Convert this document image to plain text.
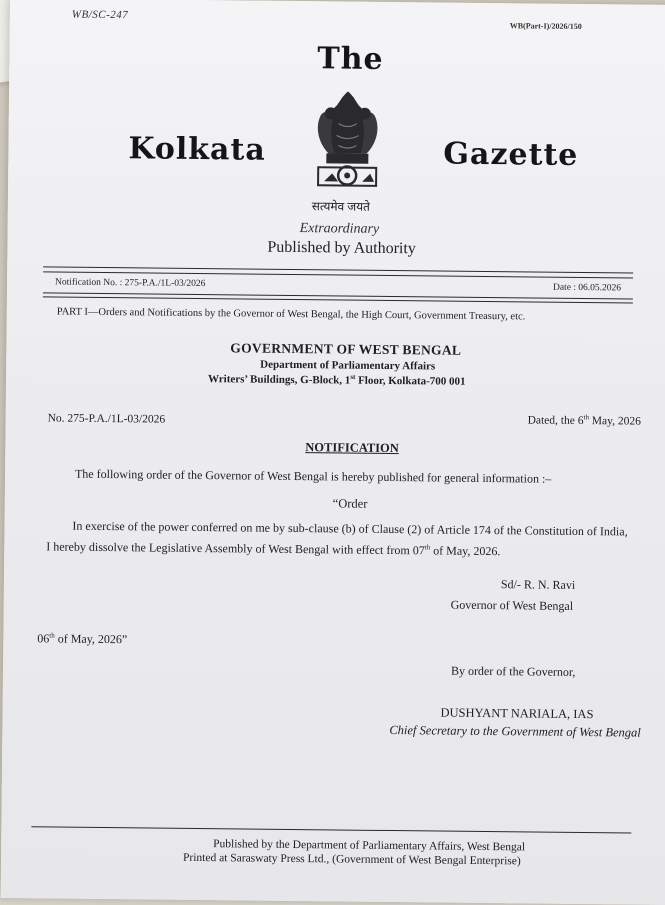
WB/SC-247
WB(Part-I)/2026/150
The
Kolkata	Gazette
सत्यमेव जयते
Extraordinary
Published by Authority
Notification No. : 275-P.A./1L-03/2026	Date : 06.05.2026
PART I—Orders and Notifications by the Governor of West Bengal, the High Court, Government Treasury, etc.
GOVERNMENT OF WEST BENGAL
Department of Parliamentary Affairs
Writers’ Buildings, G-Block, 1st Floor, Kolkata-700 001
No. 275-P.A./1L-03/2026	Dated, the 6th May, 2026
NOTIFICATION
The following order of the Governor of West Bengal is hereby published for general information :–
“Order
In exercise of the power conferred on me by sub-clause (b) of Clause (2) of Article 174 of the Constitution of India,
I hereby dissolve the Legislative Assembly of West Bengal with effect from 07th of May, 2026.
Sd/- R. N. Ravi
Governor of West Bengal
06th of May, 2026”
By order of the Governor,
DUSHYANT NARIALA, IAS
Chief Secretary to the Government of West Bengal
Published by the Department of Parliamentary Affairs, West Bengal
Printed at Saraswaty Press Ltd., (Government of West Bengal Enterprise)
